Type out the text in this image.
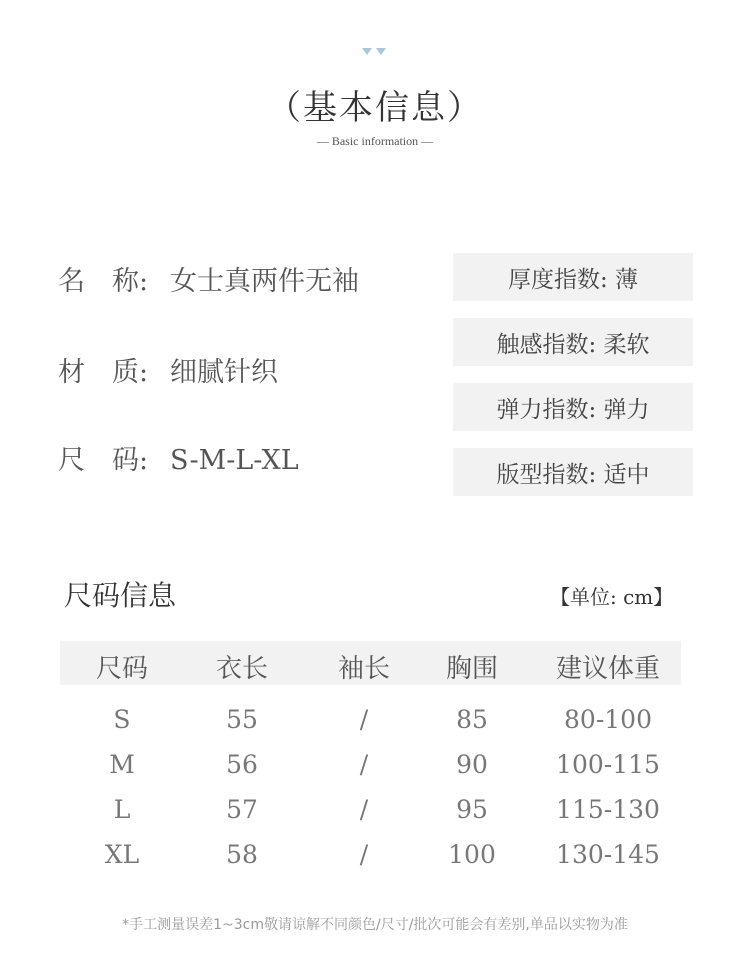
（基本信息）
— Basic information —
名　称: 女士真两件无袖
材　质: 细腻针织
尺　码: S-M-L-XL
厚度指数: 薄
触感指数: 柔软
弹力指数: 弹力
版型指数: 适中
尺码信息	【单位: cm】
尺码	衣长	袖长 胸围 建议体重
S	55	/	85	80-100
M	56	/	90	100-115
L	57	/	95	115-130
XL	58	/	100 130-145
*手工测量误差1~3cm敬请谅解不同颜色/尺寸/批次可能会有差别,单品以实物为准
